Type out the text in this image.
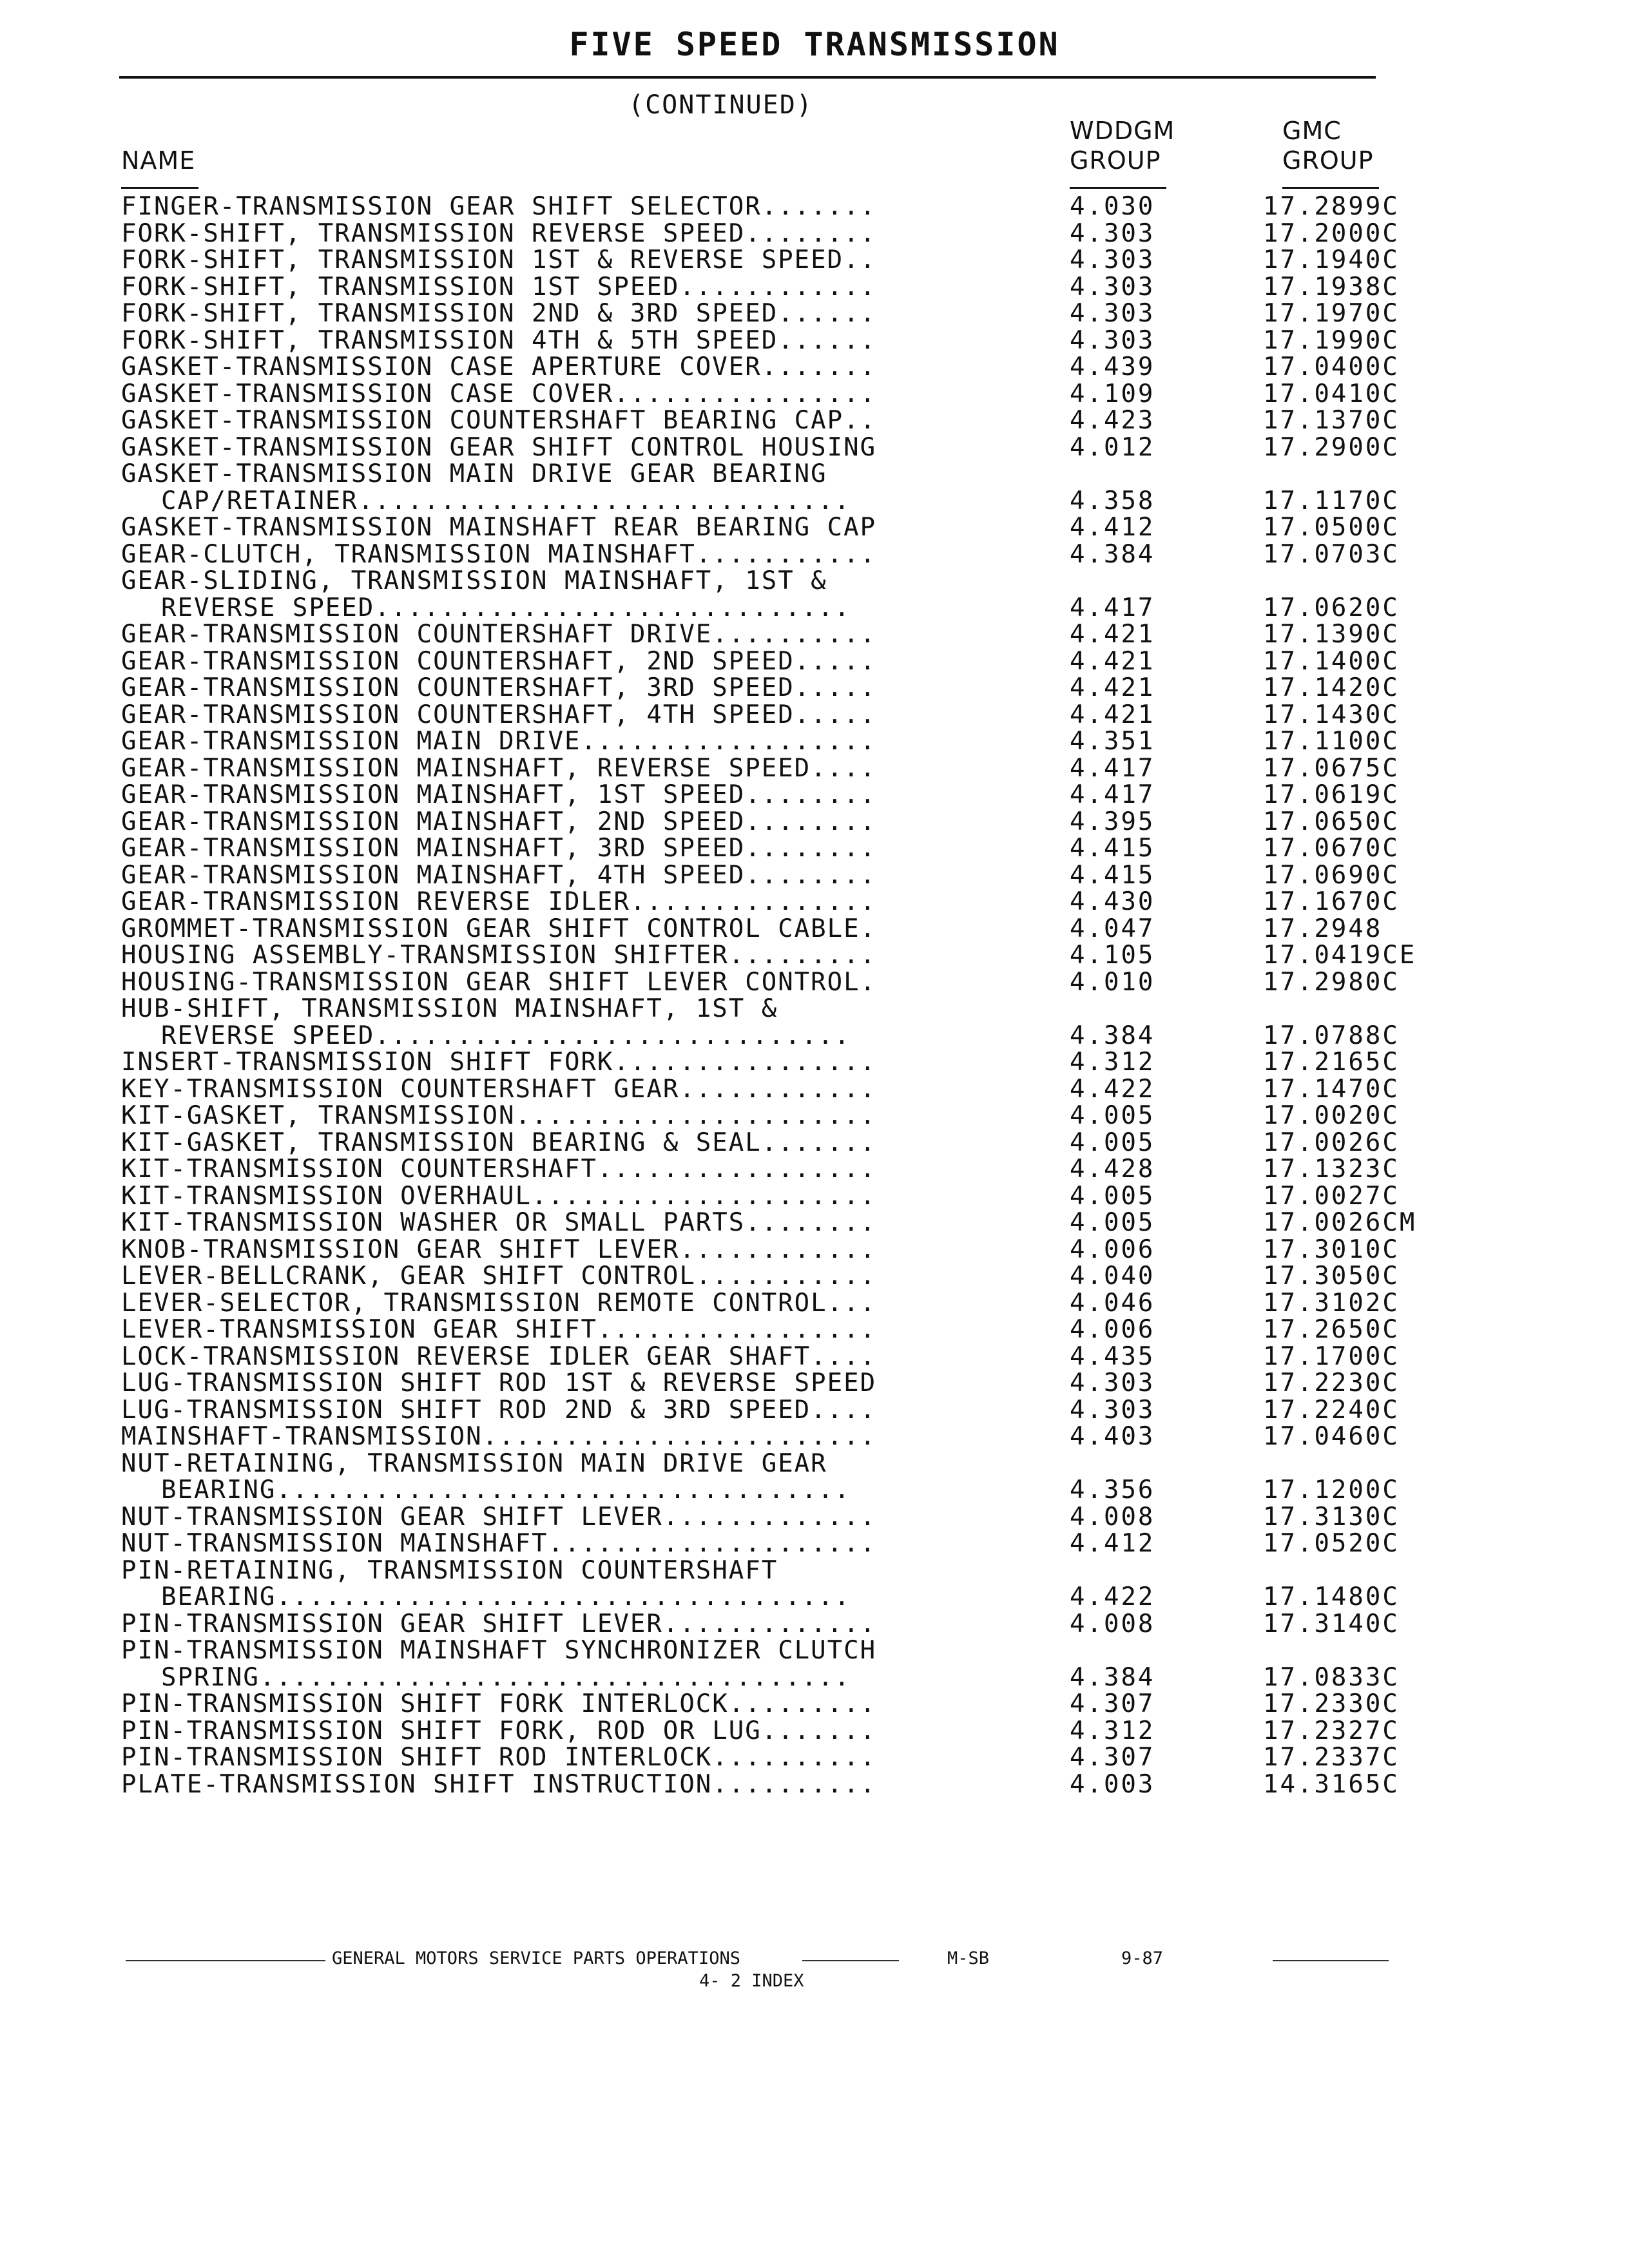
FIVE SPEED TRANSMISSION
(CONTINUED)
NAME
WDDGM
GROUP
GMC
GROUP
FINGER-TRANSMISSION GEAR SHIFT SELECTOR.......	4.030	17.2899C
FORK-SHIFT, TRANSMISSION REVERSE SPEED........	4.303	17.2000C
FORK-SHIFT, TRANSMISSION 1ST & REVERSE SPEED..	4.303	17.1940C
FORK-SHIFT, TRANSMISSION 1ST SPEED............	4.303	17.1938C
FORK-SHIFT, TRANSMISSION 2ND & 3RD SPEED......	4.303	17.1970C
FORK-SHIFT, TRANSMISSION 4TH & 5TH SPEED......	4.303	17.1990C
GASKET-TRANSMISSION CASE APERTURE COVER.......	4.439	17.0400C
GASKET-TRANSMISSION CASE COVER................	4.109	17.0410C
GASKET-TRANSMISSION COUNTERSHAFT BEARING CAP..	4.423	17.1370C
GASKET-TRANSMISSION GEAR SHIFT CONTROL HOUSING	4.012	17.2900C
GASKET-TRANSMISSION MAIN DRIVE GEAR BEARING
CAP/RETAINER..............................	4.358	17.1170C
GASKET-TRANSMISSION MAINSHAFT REAR BEARING CAP	4.412	17.0500C
GEAR-CLUTCH, TRANSMISSION MAINSHAFT...........	4.384	17.0703C
GEAR-SLIDING, TRANSMISSION MAINSHAFT, 1ST &
REVERSE SPEED.............................	4.417	17.0620C
GEAR-TRANSMISSION COUNTERSHAFT DRIVE..........	4.421	17.1390C
GEAR-TRANSMISSION COUNTERSHAFT, 2ND SPEED.....	4.421	17.1400C
GEAR-TRANSMISSION COUNTERSHAFT, 3RD SPEED.....	4.421	17.1420C
GEAR-TRANSMISSION COUNTERSHAFT, 4TH SPEED.....	4.421	17.1430C
GEAR-TRANSMISSION MAIN DRIVE..................	4.351	17.1100C
GEAR-TRANSMISSION MAINSHAFT, REVERSE SPEED....	4.417	17.0675C
GEAR-TRANSMISSION MAINSHAFT, 1ST SPEED........	4.417	17.0619C
GEAR-TRANSMISSION MAINSHAFT, 2ND SPEED........	4.395	17.0650C
GEAR-TRANSMISSION MAINSHAFT, 3RD SPEED........	4.415	17.0670C
GEAR-TRANSMISSION MAINSHAFT, 4TH SPEED........	4.415	17.0690C
GEAR-TRANSMISSION REVERSE IDLER...............	4.430	17.1670C
GROMMET-TRANSMISSION GEAR SHIFT CONTROL CABLE.	4.047	17.2948
HOUSING ASSEMBLY-TRANSMISSION SHIFTER.........	4.105	17.0419CE
HOUSING-TRANSMISSION GEAR SHIFT LEVER CONTROL.	4.010	17.2980C
HUB-SHIFT, TRANSMISSION MAINSHAFT, 1ST &
REVERSE SPEED.............................	4.384	17.0788C
INSERT-TRANSMISSION SHIFT FORK................	4.312	17.2165C
KEY-TRANSMISSION COUNTERSHAFT GEAR............	4.422	17.1470C
KIT-GASKET, TRANSMISSION......................	4.005	17.0020C
KIT-GASKET, TRANSMISSION BEARING & SEAL.......	4.005	17.0026C
KIT-TRANSMISSION COUNTERSHAFT.................	4.428	17.1323C
KIT-TRANSMISSION OVERHAUL.....................	4.005	17.0027C
KIT-TRANSMISSION WASHER OR SMALL PARTS........	4.005	17.0026CM
KNOB-TRANSMISSION GEAR SHIFT LEVER............	4.006	17.3010C
LEVER-BELLCRANK, GEAR SHIFT CONTROL...........	4.040	17.3050C
LEVER-SELECTOR, TRANSMISSION REMOTE CONTROL...	4.046	17.3102C
LEVER-TRANSMISSION GEAR SHIFT.................	4.006	17.2650C
LOCK-TRANSMISSION REVERSE IDLER GEAR SHAFT....	4.435	17.1700C
LUG-TRANSMISSION SHIFT ROD 1ST & REVERSE SPEED	4.303	17.2230C
LUG-TRANSMISSION SHIFT ROD 2ND & 3RD SPEED....	4.303	17.2240C
MAINSHAFT-TRANSMISSION........................	4.403	17.0460C
NUT-RETAINING, TRANSMISSION MAIN DRIVE GEAR
BEARING...................................	4.356	17.1200C
NUT-TRANSMISSION GEAR SHIFT LEVER.............	4.008	17.3130C
NUT-TRANSMISSION MAINSHAFT....................	4.412	17.0520C
PIN-RETAINING, TRANSMISSION COUNTERSHAFT
BEARING...................................	4.422	17.1480C
PIN-TRANSMISSION GEAR SHIFT LEVER.............	4.008	17.3140C
PIN-TRANSMISSION MAINSHAFT SYNCHRONIZER CLUTCH
SPRING....................................	4.384	17.0833C
PIN-TRANSMISSION SHIFT FORK INTERLOCK.........	4.307	17.2330C
PIN-TRANSMISSION SHIFT FORK, ROD OR LUG.......	4.312	17.2327C
PIN-TRANSMISSION SHIFT ROD INTERLOCK..........	4.307	17.2337C
PLATE-TRANSMISSION SHIFT INSTRUCTION..........	4.003	14.3165C
GENERAL MOTORS SERVICE PARTS OPERATIONS	M-SB	9-87
4- 2 INDEX
